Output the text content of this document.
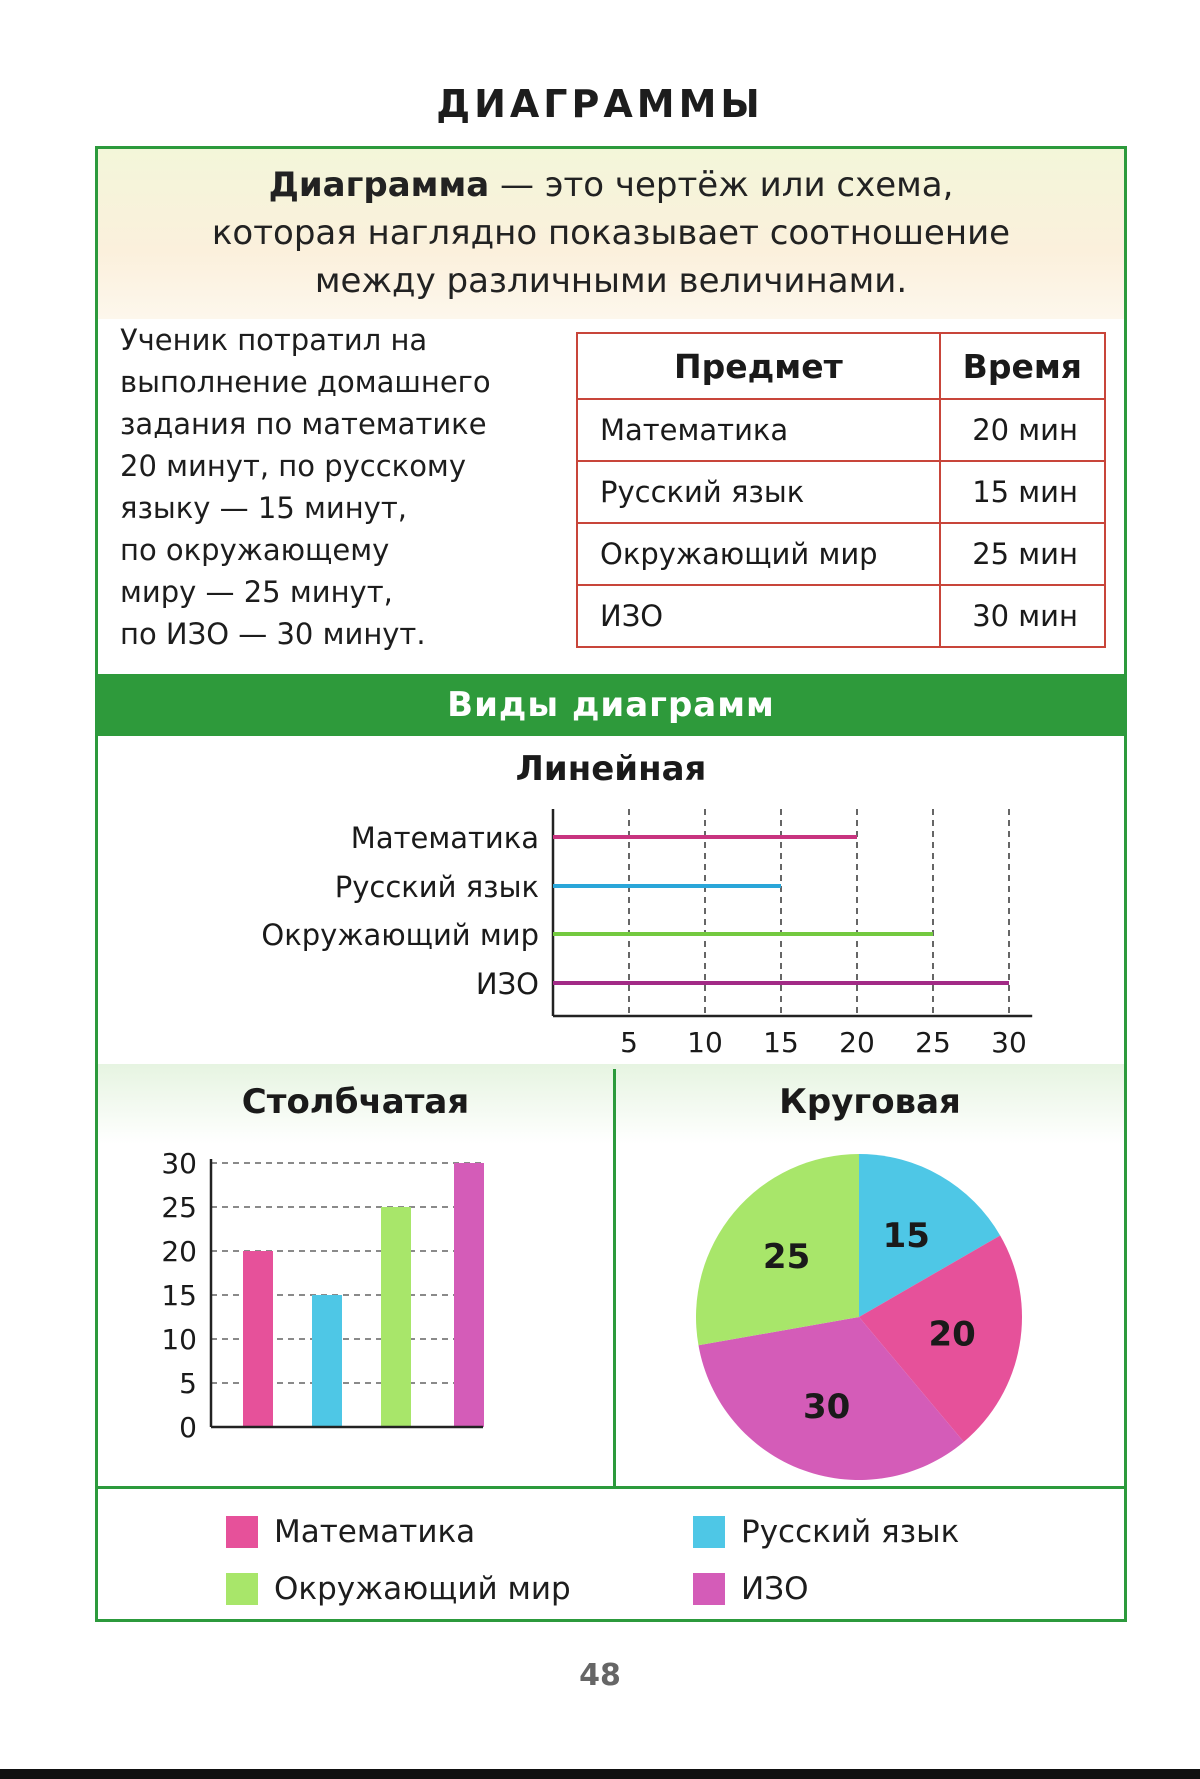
ДИАГРАММЫ
Диаграмма — это чертёж или схема,
которая наглядно показывает соотношение
между различными величинами.
Ученик потратил на
выполнение домашнего
задания по математике
20 минут, по русскому
языку — 15 минут,
по окружающему
миру — 25 минут,
по ИЗО — 30 минут.
Предмет	Время
Математика	20 мин
Русский язык	15 мин
Окружающий мир	25 мин
ИЗО	30 мин
Виды диаграмм
Линейная
5 10 15 20 25 30
Математика
Русский язык
Окружающий мир
ИЗО
Столбчатая	Круговая
0
5
10
15
20
25
30
15
20
30
25
Математика	Русский язык
Окружающий мир	ИЗО
48
